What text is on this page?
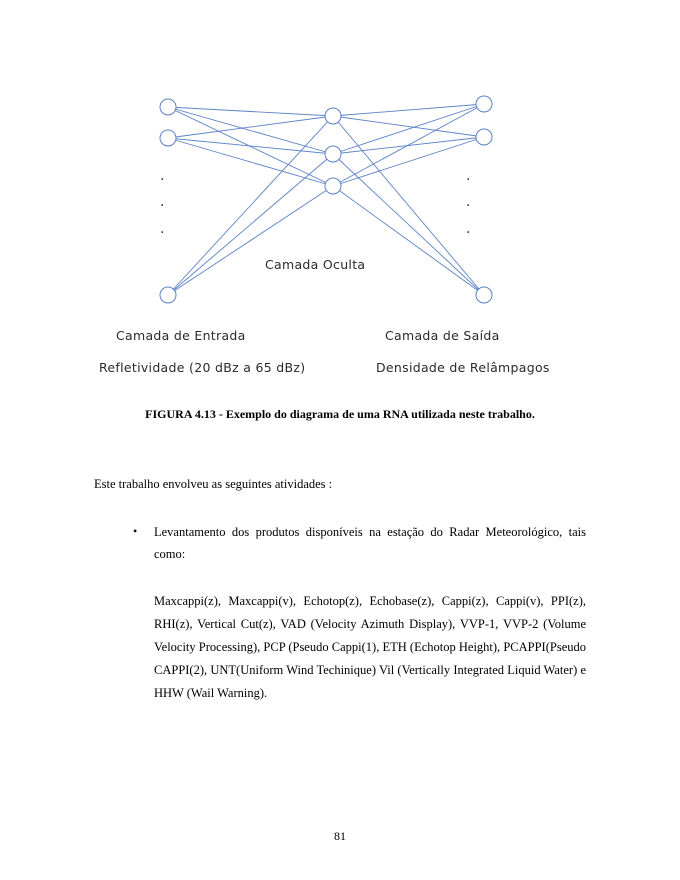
·
·
·
·
·
·
Camada Oculta
Camada de Entrada	Camada de Saída
Refletividade (20 dBz a 65 dBz)	Densidade de Relâmpagos
FIGURA 4.13 - Exemplo do diagrama de uma RNA utilizada neste trabalho.
Este trabalho envolveu as seguintes atividades :
• Levantamento dos produtos disponíveis na estação do Radar Meteorológico, tais como:
Maxcappi(z), Maxcappi(v), Echotop(z), Echobase(z), Cappi(z), Cappi(v), PPI(z), RHI(z), Vertical Cut(z), VAD (Velocity Azimuth Display), VVP-1, VVP-2 (Volume Velocity Processing), PCP (Pseudo Cappi(1), ETH (Echotop Height), PCAPPI(Pseudo CAPPI(2), UNT(Uniform Wind Techinique) Vil (Vertically Integrated Liquid Water) e HHW (Wail Warning).
81
